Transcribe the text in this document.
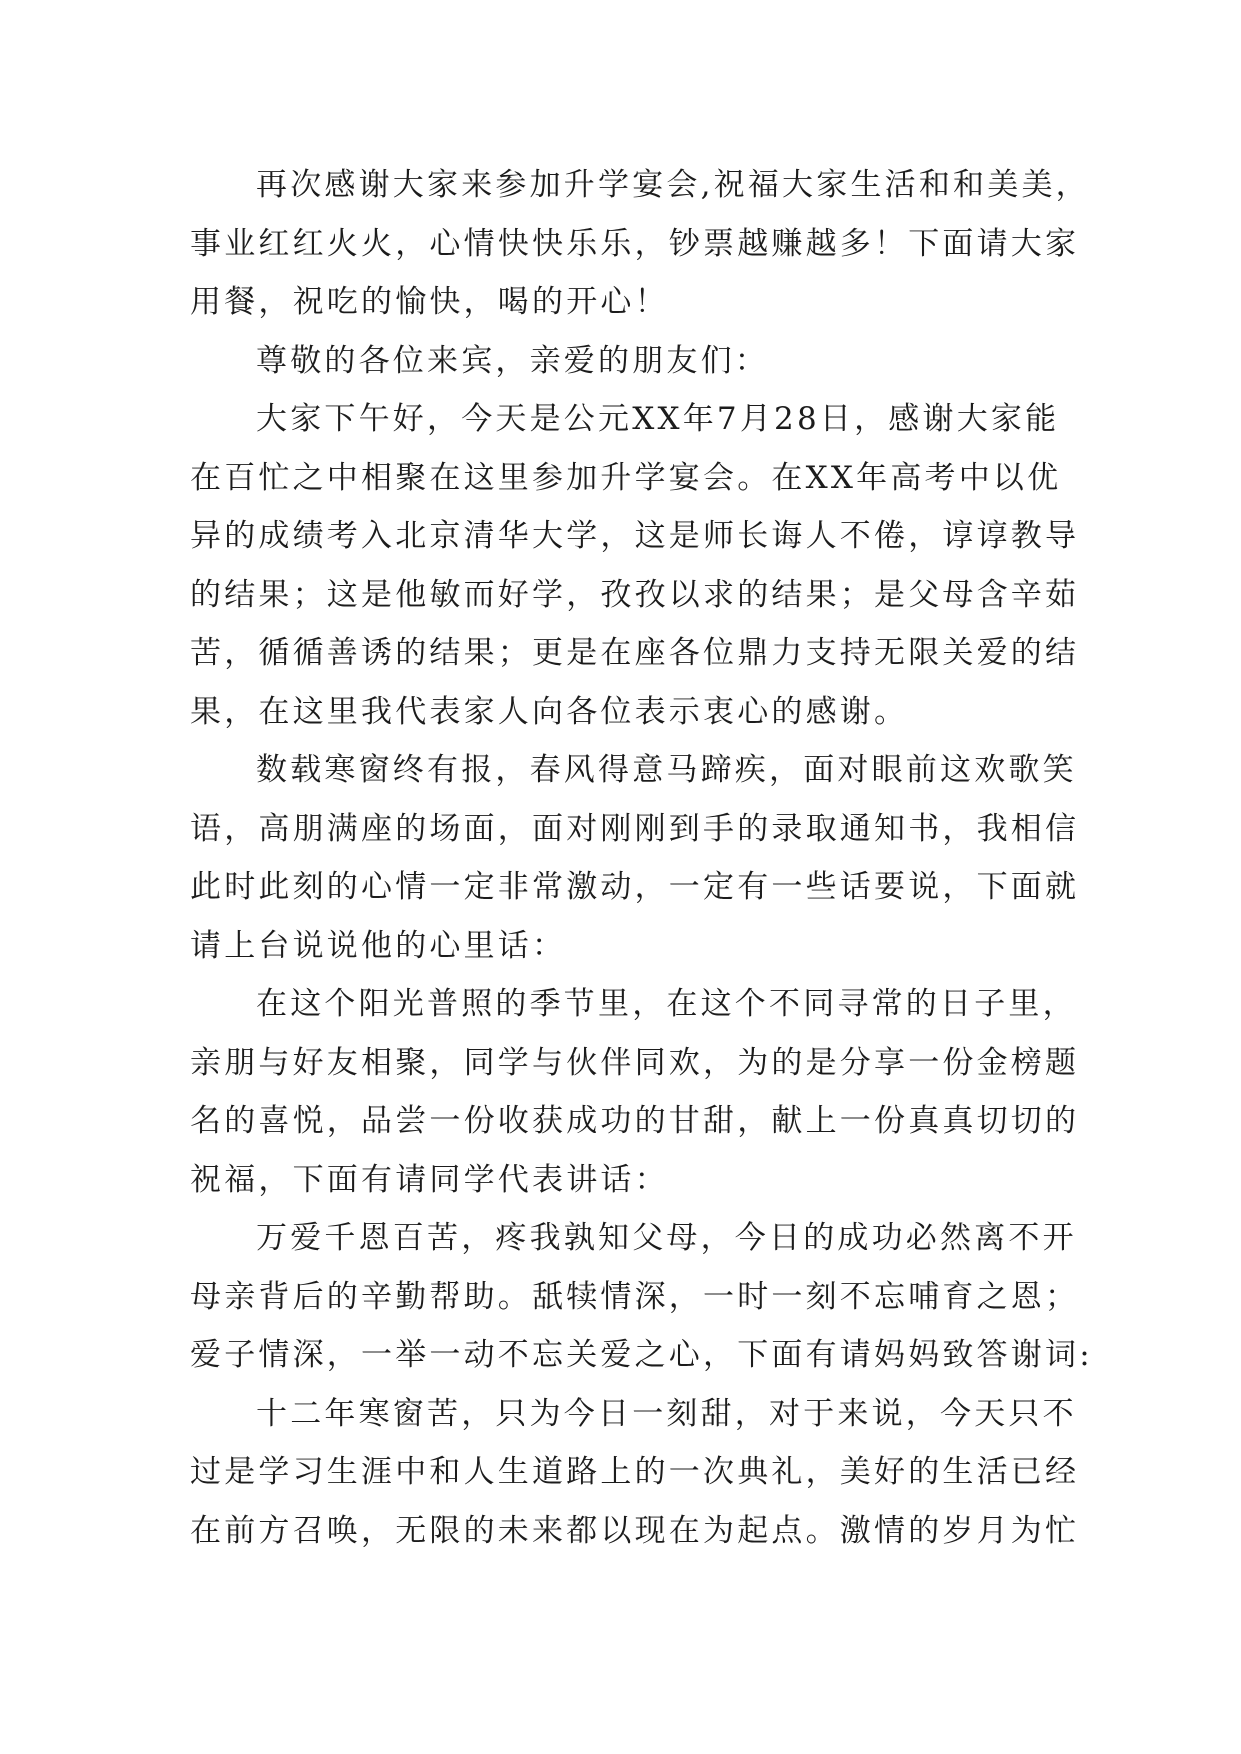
再次感谢大家来参加升学宴会,祝福大家生活和和美美，
事业红红火火，心情快快乐乐，钞票越赚越多！下面请大家
用餐，祝吃的愉快，喝的开心！
尊敬的各位来宾，亲爱的朋友们：
大家下午好，今天是公元XX年7月28日，感谢大家能
在百忙之中相聚在这里参加升学宴会。在XX年高考中以优
异的成绩考入北京清华大学，这是师长诲人不倦，谆谆教导
的结果；这是他敏而好学，孜孜以求的结果；是父母含辛茹
苦，循循善诱的结果；更是在座各位鼎力支持无限关爱的结
果，在这里我代表家人向各位表示衷心的感谢。
数载寒窗终有报，春风得意马蹄疾，面对眼前这欢歌笑
语，高朋满座的场面，面对刚刚到手的录取通知书，我相信
此时此刻的心情一定非常激动，一定有一些话要说，下面就
请上台说说他的心里话：
在这个阳光普照的季节里，在这个不同寻常的日子里，
亲朋与好友相聚，同学与伙伴同欢，为的是分享一份金榜题
名的喜悦，品尝一份收获成功的甘甜，献上一份真真切切的
祝福，下面有请同学代表讲话：
万爱千恩百苦，疼我孰知父母，今日的成功必然离不开
母亲背后的辛勤帮助。舐犊情深，一时一刻不忘哺育之恩；
爱子情深，一举一动不忘关爱之心，下面有请妈妈致答谢词:
十二年寒窗苦，只为今日一刻甜，对于来说，今天只不
过是学习生涯中和人生道路上的一次典礼，美好的生活已经
在前方召唤，无限的未来都以现在为起点。激情的岁月为忙
